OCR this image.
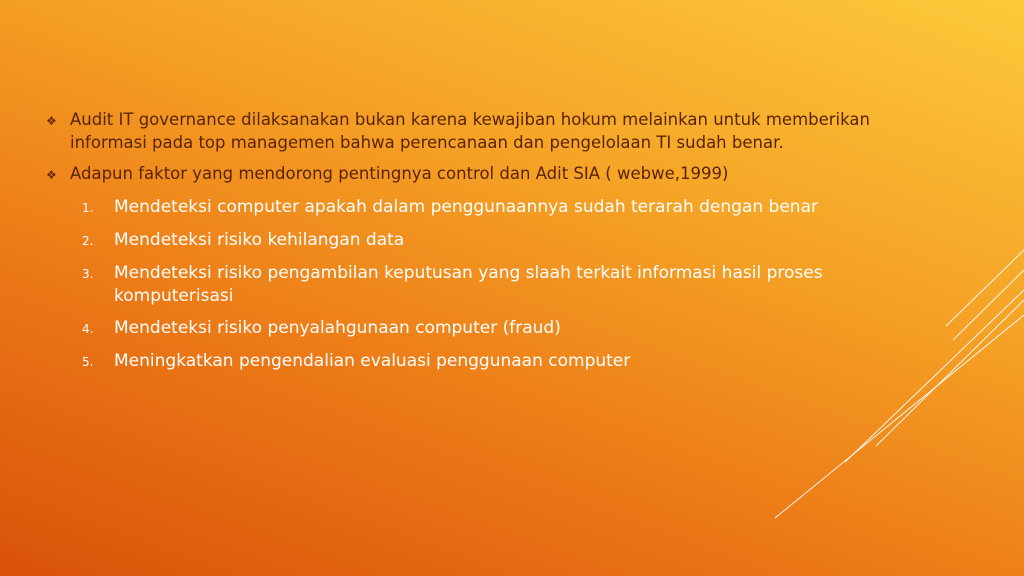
❖ Audit IT governance dilaksanakan bukan karena kewajiban hokum melainkan untuk memberikan informasi pada top managemen bahwa perencanaan dan pengelolaan TI sudah benar.
❖ Adapun faktor yang mendorong pentingnya control dan Adit SIA ( webwe,1999)
1.	Mendeteksi computer apakah dalam penggunaannya sudah terarah dengan benar
2.	Mendeteksi risiko kehilangan data
3.	Mendeteksi risiko pengambilan keputusan yang slaah terkait informasi hasil proses komputerisasi
4.	Mendeteksi risiko penyalahgunaan computer (fraud)
5.	Meningkatkan pengendalian evaluasi penggunaan computer
